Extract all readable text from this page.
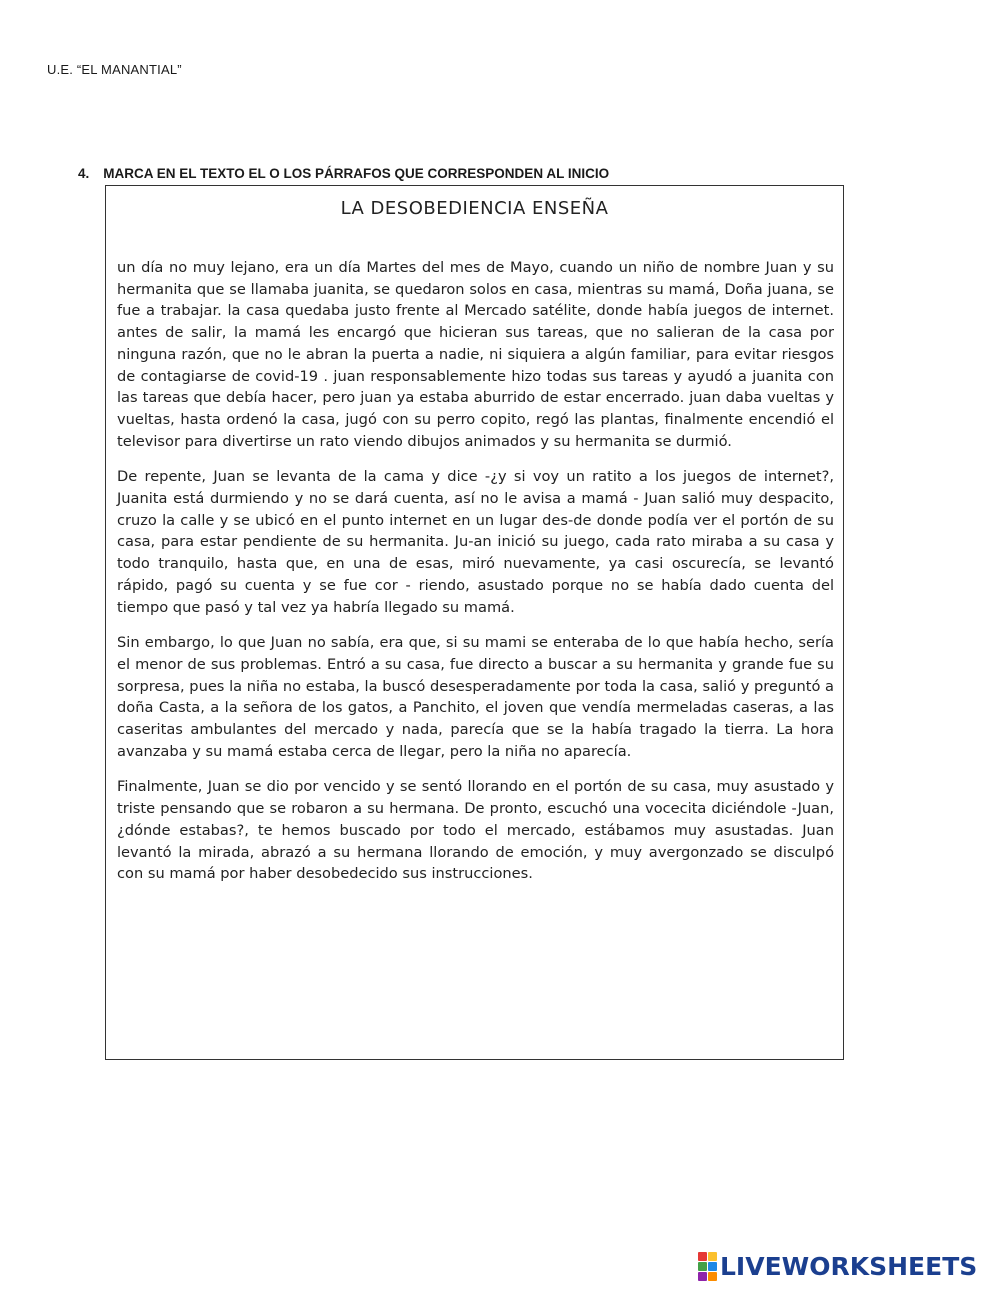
U.E. “EL MANANTIAL”
4. MARCA EN EL TEXTO EL O LOS PÁRRAFOS QUE CORRESPONDEN AL INICIO
LA DESOBEDIENCIA ENSEÑA

un día no muy lejano, era un día Martes del mes de Mayo, cuando un niño de nombre Juan y su hermanita que se llamaba juanita, se quedaron solos en casa, mientras su mamá, Doña juana, se fue a trabajar. la casa quedaba justo frente al Mercado satélite, donde había juegos de internet. antes de salir, la mamá les encargó que hicieran sus tareas, que no salieran de la casa por ninguna razón, que no le abran la puerta a nadie, ni siquiera a algún familiar, para evitar riesgos de contagiarse de covid-19 . juan responsablemente hizo todas sus tareas y ayudó a juanita con las tareas que debía hacer, pero juan ya estaba aburrido de estar encerrado. juan daba vueltas y vueltas, hasta ordenó la casa, jugó con su perro copito, regó las plantas, finalmente encendió el televisor para divertirse un rato viendo dibujos animados y su hermanita se durmió.

De repente, Juan se levanta de la cama y dice -¿y si voy un ratito a los juegos de internet?, Juanita está durmiendo y no se dará cuenta, así no le avisa a mamá - Juan salió muy despacito, cruzo la calle y se ubicó en el punto internet en un lugar des-de donde podía ver el portón de su casa, para estar pendiente de su hermanita. Ju-an inició su juego, cada rato miraba a su casa y todo tranquilo, hasta que, en una de esas, miró nuevamente, ya casi oscurecía, se levantó rápido, pagó su cuenta y se fue cor - riendo, asustado porque no se había dado cuenta del tiempo que pasó y tal vez ya habría llegado su mamá.

Sin embargo, lo que Juan no sabía, era que, si su mami se enteraba de lo que había hecho, sería el menor de sus problemas. Entró a su casa, fue directo a buscar a su hermanita y grande fue su sorpresa, pues la niña no estaba, la buscó desesperadamente por toda la casa, salió y preguntó a doña Casta, a la señora de los gatos, a Panchito, el joven que vendía mermeladas caseras, a las caseritas ambulantes del mercado y nada, parecía que se la había tragado la tierra. La hora avanzaba y su mamá estaba cerca de llegar, pero la niña no aparecía.

Finalmente, Juan se dio por vencido y se sentó llorando en el portón de su casa, muy asustado y triste pensando que se robaron a su hermana. De pronto, escuchó una vocecita diciéndole -Juan, ¿dónde estabas?, te hemos buscado por todo el mercado, estábamos muy asustadas. Juan levantó la mirada, abrazó a su hermana llorando de emoción, y muy avergonzado se disculpó con su mamá por haber desobedecido sus instrucciones.

LIVEWORKSHEETS
